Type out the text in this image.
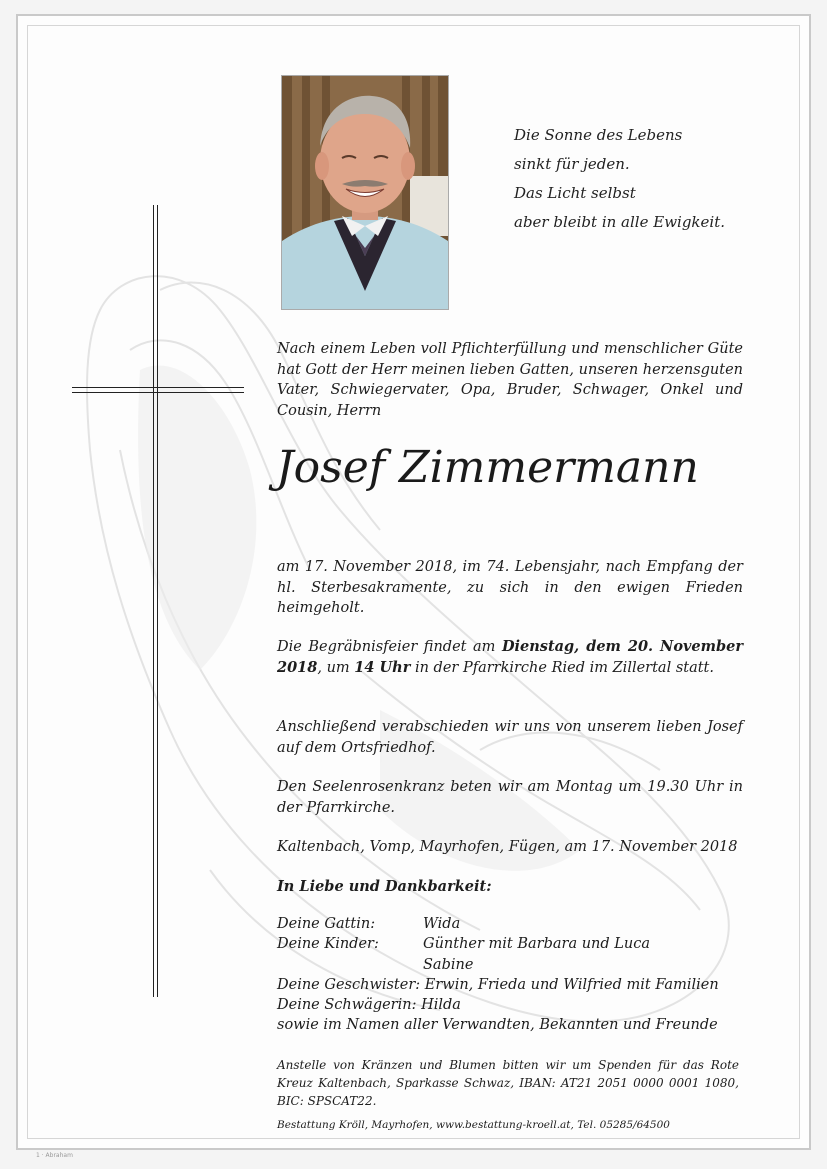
Die Sonne des Lebens
sinkt für jeden.
Das Licht selbst
aber bleibt in alle Ewigkeit.
Nach einem Leben voll Pflichterfüllung und menschlicher Güte hat Gott der Herr meinen lieben Gatten, unseren herzensguten Vater, Schwiegervater, Opa, Bruder, Schwager, Onkel und Cousin, Herrn
Josef Zimmermann
am 17. November 2018, im 74. Lebensjahr, nach Empfang der hl. Sterbesakramente, zu sich in den ewigen Frieden heimgeholt.
Die Begräbnisfeier findet am Dienstag, dem 20. November 2018, um 14 Uhr in der Pfarrkirche Ried im Zillertal statt.
Anschließend verabschieden wir uns von unserem lieben Josef auf dem Ortsfriedhof.
Den Seelenrosenkranz beten wir am Montag um 19.30 Uhr in der Pfarrkirche.
Kaltenbach, Vomp, Mayrhofen, Fügen, am 17. November 2018
In Liebe und Dankbarkeit:
Deine Gattin:	Wida
Deine Kinder:	Günther mit Barbara und Luca
Sabine
Deine Geschwister:
Erwin, Frieda und Wilfried mit Familien
Deine Schwägerin:
Hilda
sowie im Namen aller Verwandten, Bekannten und Freunde
Anstelle von Kränzen und Blumen bitten wir um Spenden für das Rote Kreuz Kaltenbach, Sparkasse Schwaz, IBAN: AT21 2051 0000 0001 1080, BIC: SPSCAT22.
Bestattung Kröll, Mayrhofen, www.bestattung-kroell.at, Tel. 05285/64500
1 · Abraham
